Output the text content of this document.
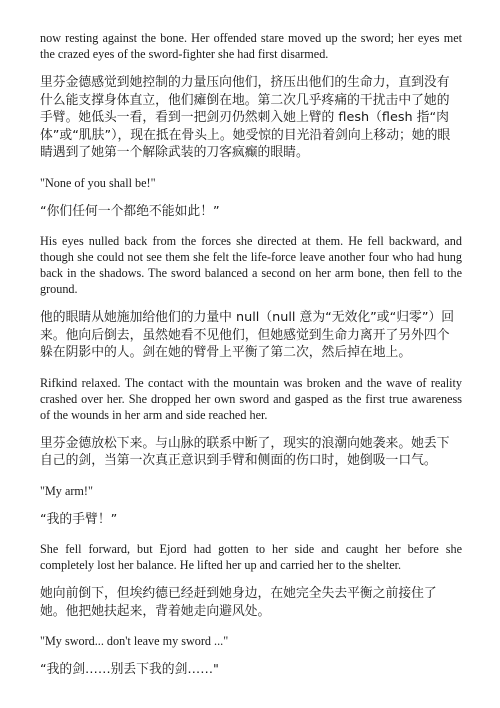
now resting against the bone. Her offended stare moved up the sword; her eyes met the crazed eyes of the sword-fighter she had first disarmed.

里芬金德感觉到她控制的力量压向他们，挤压出他们的生命力，直到没有什么能支撑身体直立，他们瘫倒在地。第二次几乎疼痛的干扰击中了她的手臂。她低头一看，看到一把剑刃仍然刺入她上臂的 flesh（flesh 指“肉体”或“肌肤”），现在抵在骨头上。她受惊的目光沿着剑向上移动；她的眼睛遇到了她第一个解除武装的刀客疯癫的眼睛。

"None of you shall be!"

“你们任何一个都绝不能如此！”

His eyes nulled back from the forces she directed at them. He fell backward, and though she could not see them she felt the life-force leave another four who had hung back in the shadows. The sword balanced a second on her arm bone, then fell to the ground.

他的眼睛从她施加给他们的力量中 null（null 意为“无效化”或“归零”）回来。他向后倒去，虽然她看不见他们，但她感觉到生命力离开了另外四个躲在阴影中的人。剑在她的臂骨上平衡了第二次，然后掉在地上。

Rifkind relaxed. The contact with the mountain was broken and the wave of reality crashed over her. She dropped her own sword and gasped as the first true awareness of the wounds in her arm and side reached her.

里芬金德放松下来。与山脉的联系中断了，现实的浪潮向她袭来。她丢下自己的剑，当第一次真正意识到手臂和侧面的伤口时，她倒吸一口气。

"My arm!"

“我的手臂！”

She fell forward, but Ejord had gotten to her side and caught her before she completely lost her balance. He lifted her up and carried her to the shelter.

她向前倒下，但埃约德已经赶到她身边，在她完全失去平衡之前接住了她。他把她扶起来，背着她走向避风处。

"My sword... don't leave my sword ..."

“我的剑……别丢下我的剑……"
